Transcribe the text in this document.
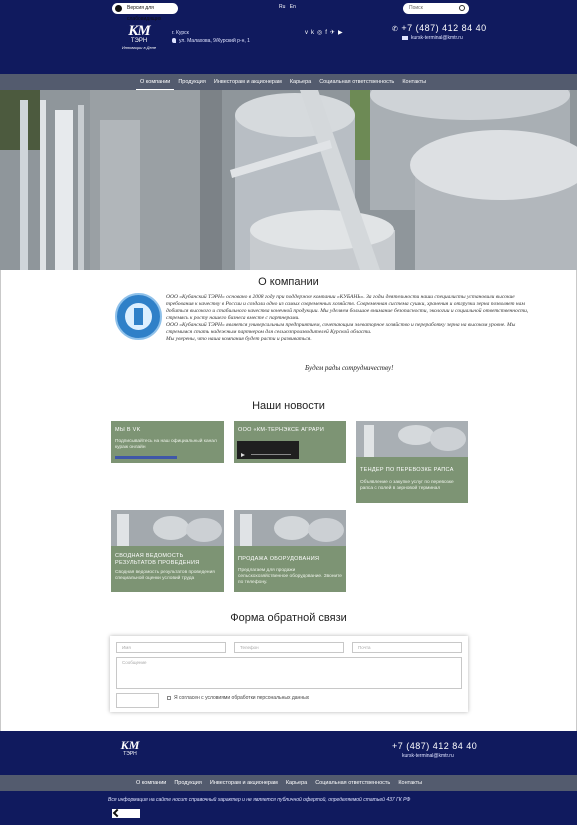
Версия для слабовидящих
Ru En	Поиск
КМ
ТЭРН
Инновации в Деле
г. Курск
ул. Малахова, 9/Курский р-н, 1
vk◎f✈▶	✆ +7 (487) 412 84 40
kursk-terminal@kmtr.ru
О компании	Продукция	Инвесторам и акционерам	Карьера	Социальная ответственность	Контакты
О компании

ООО «Кубанский ТЭРН» основано в 2008 году при поддержке компании «КУБАНЬ». За годы деятельности наши специалисты установили высокие требования к качеству в России и создали одно из самых современных хозяйств. Современная система сушки, хранения и отгрузки зерна позволяет нам добиться высокого и стабильного качества конечной продукции. Мы уделяем большое внимание безопасности, экологии и социальной ответственности, стремясь к росту нашего бизнеса вместе с партнерами.

ООО «Кубанский ТЭРН» является универсальным предприятием, сочетающим элеваторное хозяйство и переработку зерна на высоком уровне. Мы стремимся стать надежным партнером для сельхозпроизводителей Курской области.

Мы уверены, что наша компания будет расти и развиваться.

Будем рады сотрудничеству!
Наши новости
МЫ В VK
Подписывайтесь на наш официальный канал кураж онлайн
ООО «КМ-ТЕРНЭКСЕ АГРАРИ
ТЕНДЕР ПО ПЕРЕВОЗКЕ РАПСА
Объявление о закупке услуг по перевозке рапса с полей в зерновой терминал
СВОДНАЯ ВЕДОМОСТЬ РЕЗУЛЬТАТОВ ПРОВЕДЕНИЯ
Сводная ведомость результатов проведения специальной оценки условий труда
ПРОДАЖА ОБОРУДОВАНИЯ
Предлагаем для продажи сельскохозяйственное оборудование. Звоните по телефону.
Форма обратной связи
Имя	Телефон	Почта
Сообщение
Я согласен с условиями обработки персональных данных
КМ
ТЭРН
+7 (487) 412 84 40
kursk-terminal@kmtr.ru
О компании	Продукция	Инвесторам и акционерам	Карьера	Социальная ответственность	Контакты
Вся информация на сайте носит справочный характер и не является публичной офертой, определяемой статьей 437 ГК РФ
